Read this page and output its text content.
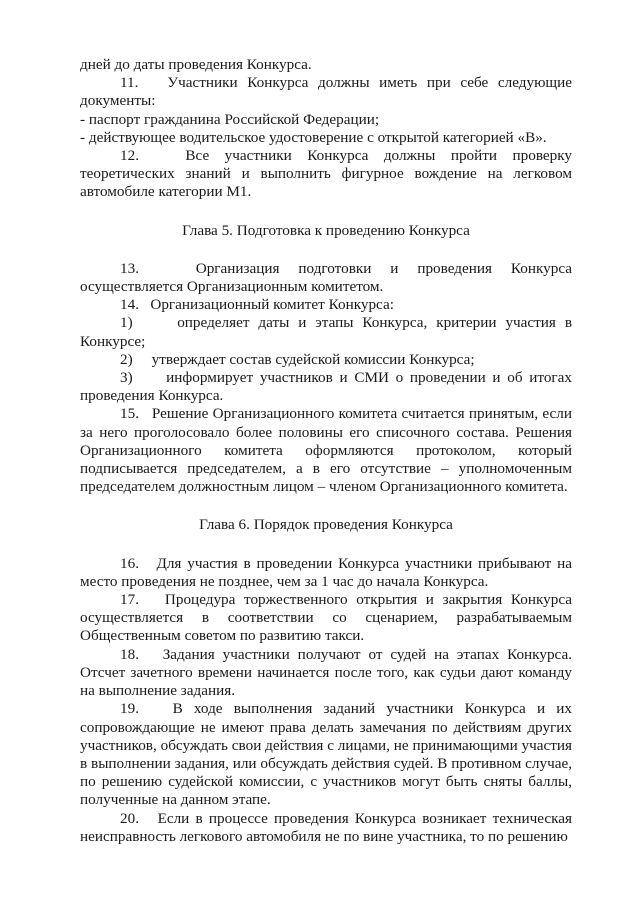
дней до даты проведения Конкурса.

11.   Участники Конкурса должны иметь при себе следующие документы:

- паспорт гражданина Российской Федерации;
- действующее водительское удостоверение с открытой категорией «В».

12.   Все участники Конкурса должны пройти проверку теоретических знаний и выполнить фигурное вождение на легковом автомобиле категории М1.

Глава 5. Подготовка к проведению Конкурса

13.   Организация подготовки и проведения Конкурса осуществляется Организационным комитетом.

14.   Организационный комитет Конкурса:

1)     определяет даты и этапы Конкурса, критерии участия в Конкурсе;

2)     утверждает состав судейской комиссии Конкурса;

3)     информирует участников и СМИ о проведении и об итогах проведения Конкурса.

15.   Решение Организационного комитета считается принятым, если за него проголосовало более половины его списочного состава. Решения Организационного комитета оформляются протоколом, который подписывается председателем, а в его отсутствие – уполномоченным председателем должностным лицом – членом Организационного комитета.

Глава 6. Порядок проведения Конкурса

16.   Для участия в проведении Конкурса участники прибывают на место проведения не позднее, чем за 1 час до начала Конкурса.

17.   Процедура торжественного открытия и закрытия Конкурса осуществляется в соответствии со сценарием, разрабатываемым Общественным советом по развитию такси.

18.   Задания участники получают от судей на этапах Конкурса. Отсчет зачетного времени начинается после того, как судьи дают команду на выполнение задания.

19.   В ходе выполнения заданий участники Конкурса и их сопровождающие не имеют права делать замечания по действиям других участников, обсуждать свои действия с лицами, не принимающими участия в выполнении задания, или обсуждать действия судей. В противном случае, по решению судейской комиссии, с участников могут быть сняты баллы, полученные на данном этапе.

20.   Если в процессе проведения Конкурса возникает техническая неисправность легкового автомобиля не по вине участника, то по решению
